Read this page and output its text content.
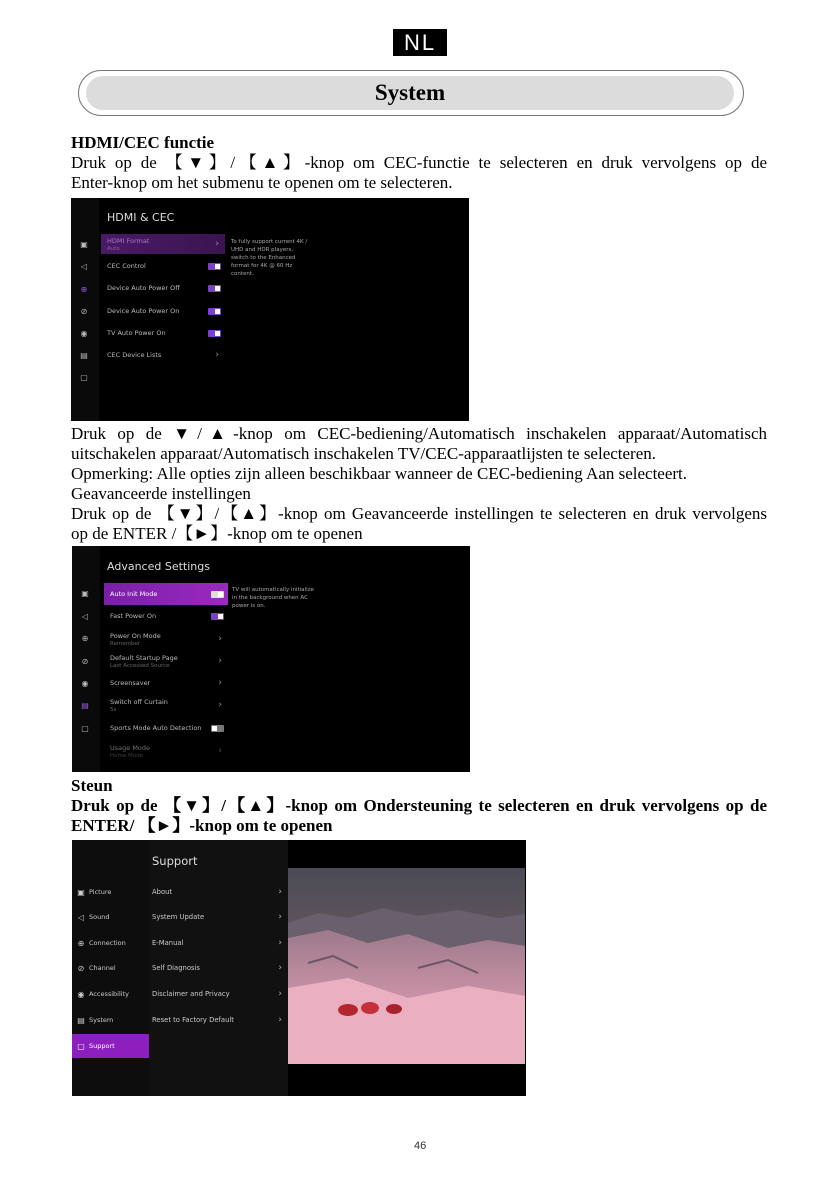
NL
System
HDMI/CEC functie
Druk op de 【▼】/【▲】-knop om CEC-functie te selecteren en druk vervolgens op de
Enter-knop om het submenu te openen om te selecteren.
▣
◁
⊕
⊘
◉
▤
▢
HDMI & CEC
HDMI Format
Auto	›
CEC Control
Device Auto Power Off
Device Auto Power On
TV Auto Power On
CEC Device Lists	›
To fully support current 4K / UHD and HDR players, switch to the Enhanced format for 4K @ 60 Hz content.
Druk op de ▼/▲-knop om CEC-bediening/Automatisch inschakelen apparaat/Automatisch
uitschakelen apparaat/Automatisch inschakelen TV/CEC-apparaatlijsten te selecteren.
Opmerking: Alle opties zijn alleen beschikbaar wanneer de CEC-bediening Aan selecteert.
Geavanceerde instellingen
Druk op de 【▼】/【▲】-knop om Geavanceerde instellingen te selecteren en druk vervolgens
op de ENTER /【►】-knop om te openen
▣
◁
⊕
⊘
◉
▤
▢
Advanced Settings
Auto Init Mode
Fast Power On
Power On Mode
Remember	›
Default Startup Page
Last Accessed Source	›
Screensaver	›
Switch off Curtain
5s	›
Sports Mode Auto Detection
Usage Mode
Home Mode	›
TV will automatically initialize in the background when AC power is on.
Steun
Druk op de 【▼】/【▲】-knop om Ondersteuning te selecteren en druk vervolgens op de
ENTER/ 【►】-knop om te openen
Support
▣ Picture
◁ Sound
⊕ Connection
⊘ Channel
◉ Accessibility
▤ System
▢ Support
About	›
System Update	›
E-Manual	›
Self Diagnosis	›
Disclaimer and Privacy	›
Reset to Factory Default	›
46
